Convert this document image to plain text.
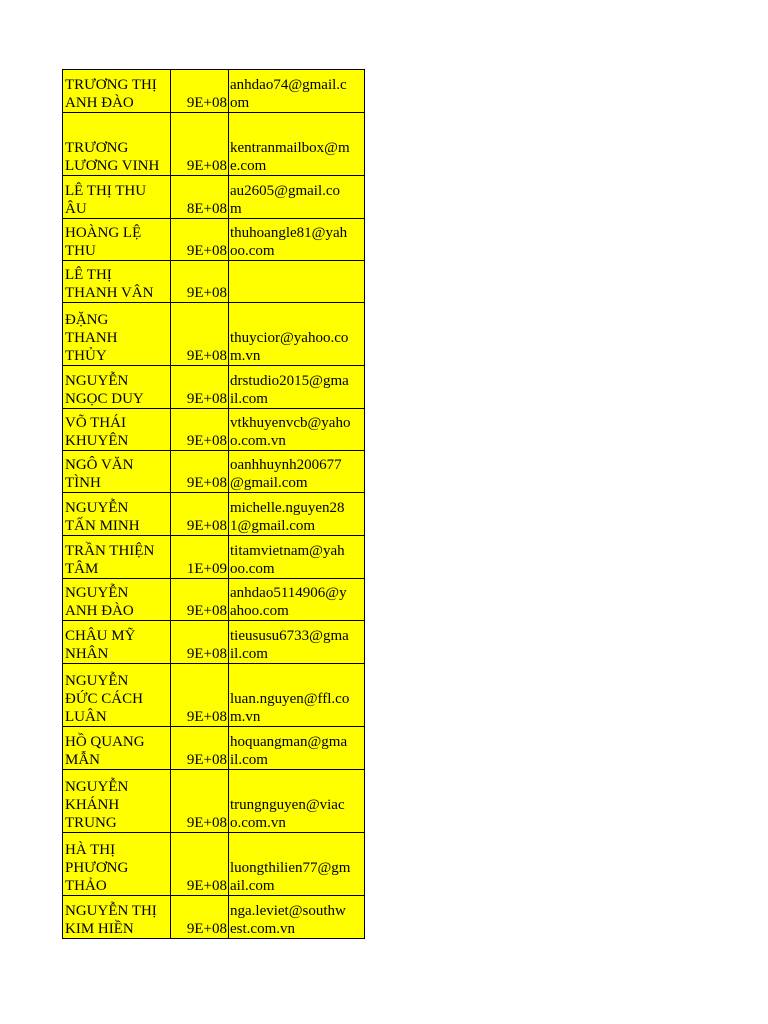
TRƯƠNG THỊ
ANH ĐÀO	9E+08	anhdao74@gmail.c
om
TRƯƠNG
LƯƠNG VINH	9E+08	kentranmailbox@m
e.com
LÊ THỊ THU
ÂU	8E+08	au2605@gmail.co
m
HOÀNG LỆ
THU	9E+08	thuhoangle81@yah
oo.com
LÊ THỊ
THANH VÂN	9E+08	
ĐẶNG
THANH
THỦY	9E+08	thuycior@yahoo.co
m.vn
NGUYỄN
NGỌC DUY	9E+08	drstudio2015@gma
il.com
VÕ THÁI
KHUYÊN	9E+08	vtkhuyenvcb@yaho
o.com.vn
NGÔ VĂN
TÌNH	9E+08	oanhhuynh200677
@gmail.com
NGUYỄN
TẤN MINH	9E+08	michelle.nguyen28
1@gmail.com
TRẦN THIỆN
TÂM	1E+09	titamvietnam@yah
oo.com
NGUYỄN
ANH ĐÀO	9E+08	anhdao5114906@y
ahoo.com
CHÂU MỸ
NHÂN	9E+08	tieususu6733@gma
il.com
NGUYỄN
ĐỨC CÁCH
LUÂN	9E+08	luan.nguyen@ffl.co
m.vn
HỒ QUANG
MẪN	9E+08	hoquangman@gma
il.com
NGUYỄN
KHÁNH
TRUNG	9E+08	trungnguyen@viac
o.com.vn
HÀ THỊ
PHƯƠNG
THẢO	9E+08	luongthilien77@gm
ail.com
NGUYỄN THỊ
KIM HIỀN	9E+08	nga.leviet@southw
est.com.vn
